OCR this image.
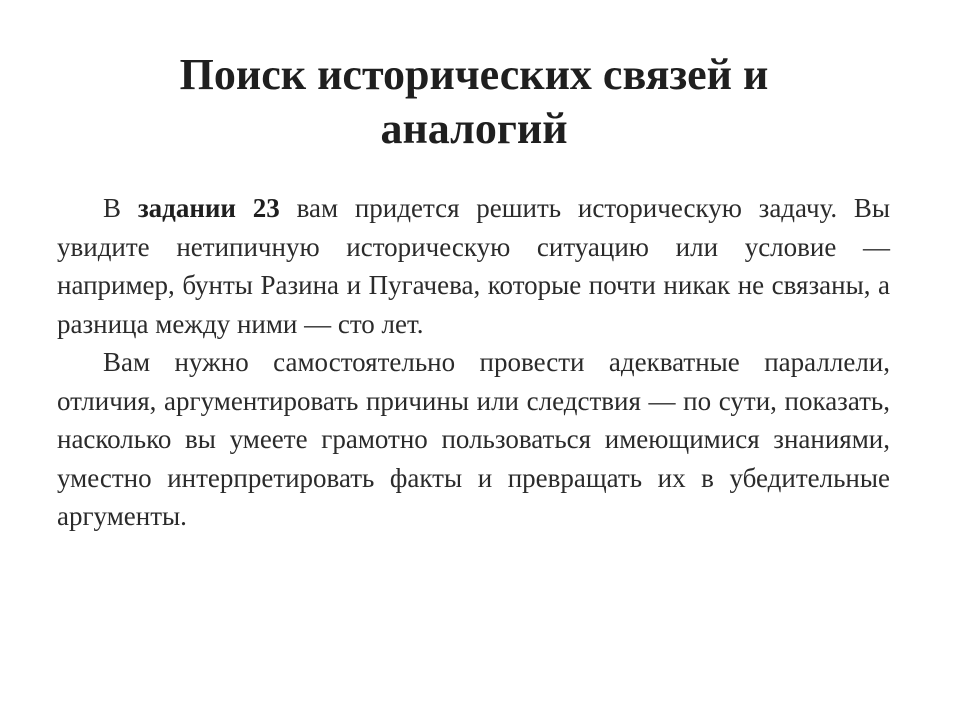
Поиск исторических связей и аналогий

В задании 23 вам придется решить историческую задачу. Вы увидите нетипичную историческую ситуацию или условие — например, бунты Разина и Пугачева, которые почти никак не связаны, а разница между ними — сто лет.

Вам нужно самостоятельно провести адекватные параллели, отличия, аргументировать причины или следствия — по сути, показать, насколько вы умеете грамотно пользоваться имеющимися знаниями, уместно интерпретировать факты и превращать их в убедительные аргументы.
